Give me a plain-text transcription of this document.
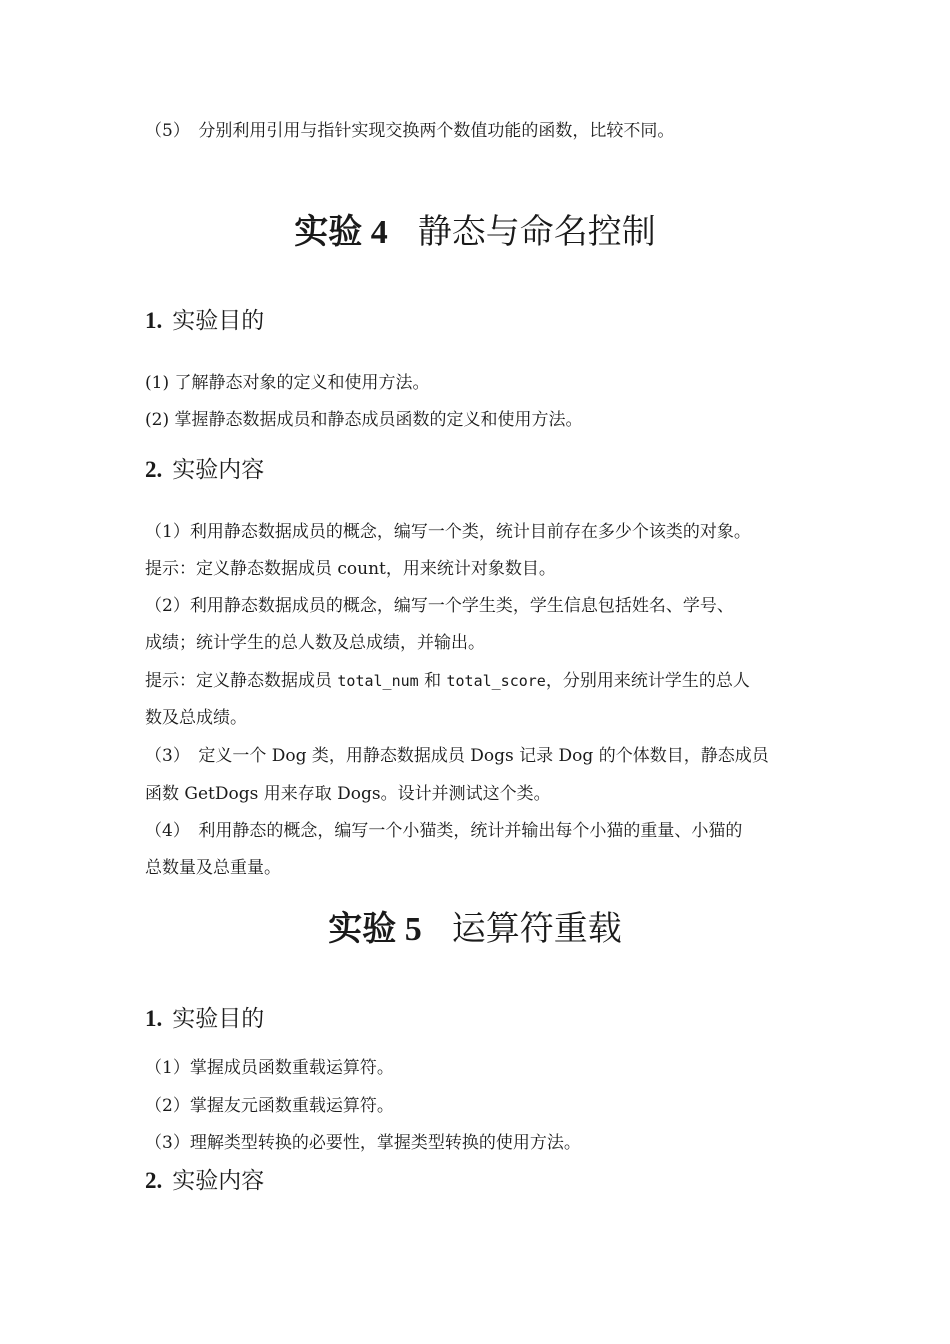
（5）　分别利用引用与指针实现交换两个数值功能的函数，比较不同。
实验 4 静态与命名控制
1. 实验目的
(1) 了解静态对象的定义和使用方法。
(2) 掌握静态数据成员和静态成员函数的定义和使用方法。
2. 实验内容
（1）利用静态数据成员的概念，编写一个类，统计目前存在多少个该类的对象。
提示：定义静态数据成员 count，用来统计对象数目。
（2）利用静态数据成员的概念，编写一个学生类，学生信息包括姓名、学号、
成绩；统计学生的总人数及总成绩，并输出。
提示：定义静态数据成员 total_num 和 total_score，分别用来统计学生的总人
数及总成绩。
（3）　定义一个 Dog 类，用静态数据成员 Dogs 记录 Dog 的个体数目，静态成员
函数 GetDogs 用来存取 Dogs。设计并测试这个类。
（4）　利用静态的概念，编写一个小猫类，统计并输出每个小猫的重量、小猫的
总数量及总重量。
实验 5 运算符重载
1. 实验目的
（1）掌握成员函数重载运算符。
（2）掌握友元函数重载运算符。
（3）理解类型转换的必要性，掌握类型转换的使用方法。
2. 实验内容
